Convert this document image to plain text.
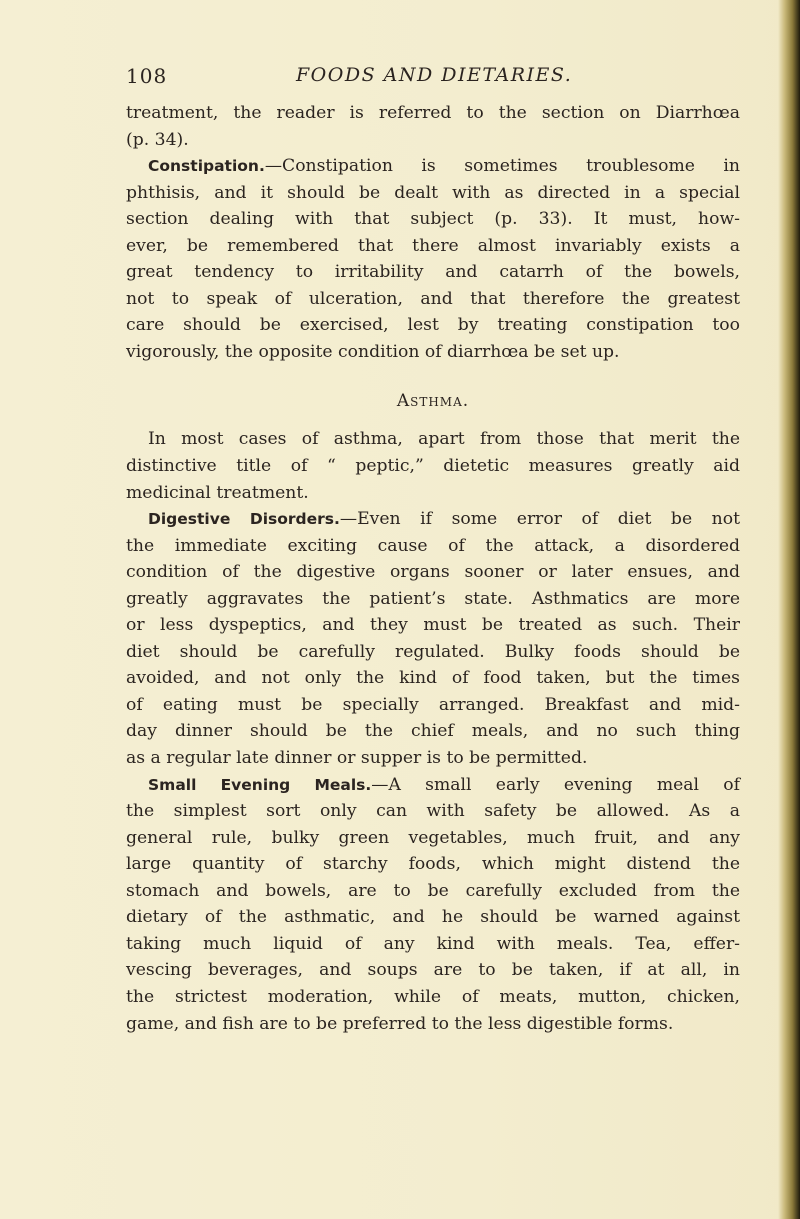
108	FOODS AND DIETARIES.
treatment, the reader is referred to the section on Diarrhœa
(p. 34).
Constipation.—Constipation is sometimes troublesome in
phthisis, and it should be dealt with as directed in a special
section dealing with that subject (p. 33). It must, how-
ever, be remembered that there almost invariably exists a
great tendency to irritability and catarrh of the bowels,
not to speak of ulceration, and that therefore the greatest
care should be exercised, lest by treating constipation too
vigorously, the opposite condition of diarrhœa be set up.
Asthma.
In most cases of asthma, apart from those that merit the
distinctive title of “ peptic,” dietetic measures greatly aid
medicinal treatment.
Digestive Disorders.—Even if some error of diet be not
the immediate exciting cause of the attack, a disordered
condition of the digestive organs sooner or later ensues, and
greatly aggravates the patient’s state. Asthmatics are more
or less dyspeptics, and they must be treated as such. Their
diet should be carefully regulated. Bulky foods should be
avoided, and not only the kind of food taken, but the times
of eating must be specially arranged. Breakfast and mid-
day dinner should be the chief meals, and no such thing
as a regular late dinner or supper is to be permitted.
Small Evening Meals.—A small early evening meal of
the simplest sort only can with safety be allowed. As a
general rule, bulky green vegetables, much fruit, and any
large quantity of starchy foods, which might distend the
stomach and bowels, are to be carefully excluded from the
dietary of the asthmatic, and he should be warned against
taking much liquid of any kind with meals. Tea, effer-
vescing beverages, and soups are to be taken, if at all, in
the strictest moderation, while of meats, mutton, chicken,
game, and fish are to be preferred to the less digestible forms.
